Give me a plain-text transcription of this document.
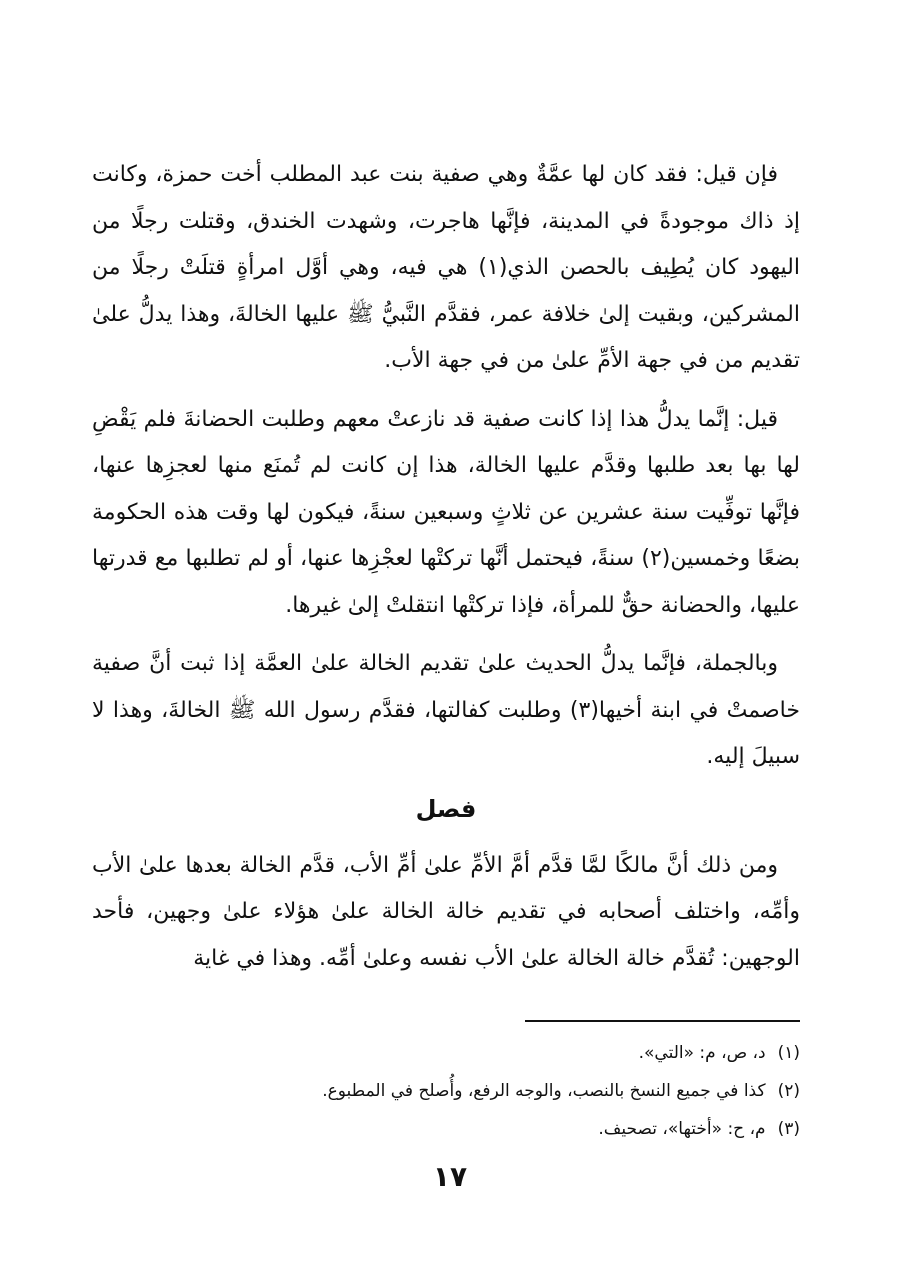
فإن قيل: فقد كان لها عمَّةٌ وهي صفية بنت عبد المطلب أخت حمزة، وكانت إذ ذاك موجودةً في المدينة، فإنَّها هاجرت، وشهدت الخندق، وقتلت رجلًا من اليهود كان يُطِيف بالحصن الذي(١) هي فيه، وهي أوَّل امرأةٍ قتلَتْ رجلًا من المشركين، وبقيت إلىٰ خلافة عمر، فقدَّم النَّبيُّ ﷺ عليها الخالةَ، وهذا يدلُّ علىٰ تقديم من في جهة الأمِّ علىٰ من في جهة الأب.

قيل: إنَّما يدلُّ هذا إذا كانت صفية قد نازعتْ معهم وطلبت الحضانةَ فلم يَقْضِ لها بها بعد طلبها وقدَّم عليها الخالة، هذا إن كانت لم تُمنَع منها لعجزِها عنها، فإنَّها توفِّيت سنة عشرين عن ثلاثٍ وسبعين سنةً، فيكون لها وقت هذه الحكومة بضعًا وخمسين(٢) سنةً، فيحتمل أنَّها تركتْها لعجْزِها عنها، أو لم تطلبها مع قدرتها عليها، والحضانة حقٌّ للمرأة، فإذا تركتْها انتقلتْ إلىٰ غيرها.

وبالجملة، فإنَّما يدلُّ الحديث علىٰ تقديم الخالة علىٰ العمَّة إذا ثبت أنَّ صفية خاصمتْ في ابنة أخيها(٣) وطلبت كفالتها، فقدَّم رسول الله ﷺ الخالةَ، وهذا لا سبيلَ إليه.

فصل

ومن ذلك أنَّ مالكًا لمَّا قدَّم أمَّ الأمِّ علىٰ أمِّ الأب، قدَّم الخالة بعدها علىٰ الأب وأمِّه، واختلف أصحابه في تقديم خالة الخالة علىٰ هؤلاء علىٰ وجهين، فأحد الوجهين: تُقدَّم خالة الخالة علىٰ الأب نفسه وعلىٰ أمِّه. وهذا في غاية

(١)
د، ص، م: «التي».
(٢)
كذا في جميع النسخ بالنصب، والوجه الرفع، وأُصلح في المطبوع.
(٣)
م، ح: «أختها»، تصحيف.
١٧
